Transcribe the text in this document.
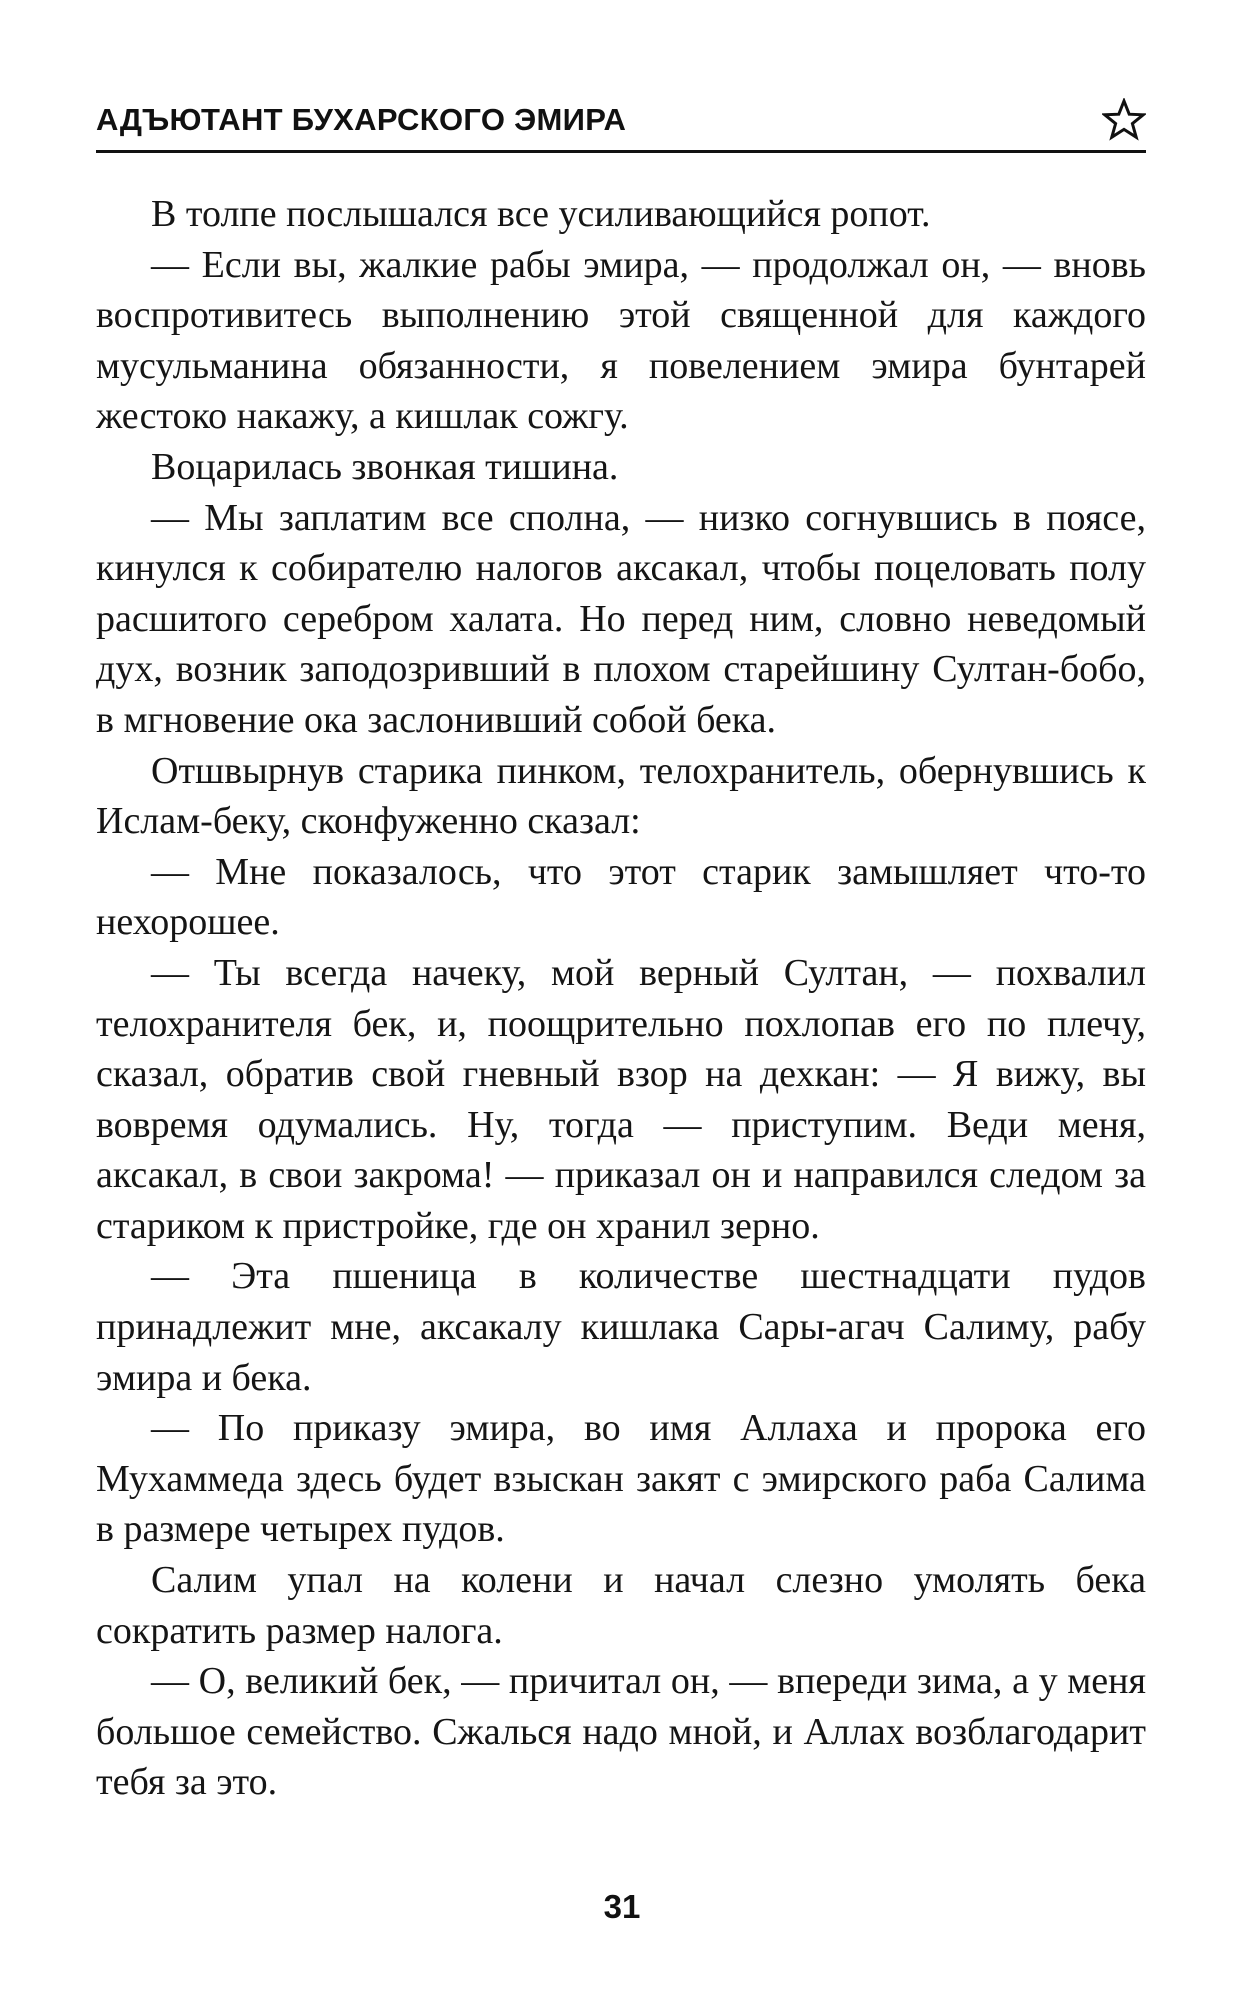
АДЪЮТАНТ БУХАРСКОГО ЭМИРА

В толпе послышался все усиливающийся ропот.

— Если вы, жалкие рабы эмира, — продолжал он, — вновь воспротивитесь выполнению этой священной для каждого мусульманина обязанности, я повелением эмира бунтарей жестоко накажу, а кишлак сожгу.

Воцарилась звонкая тишина.

— Мы заплатим все сполна, — низко согнувшись в поясе, кинулся к собирателю налогов аксакал, чтобы поцеловать полу расшитого серебром халата. Но перед ним, словно неведомый дух, возник заподозривший в плохом старейшину Султан-бобо, в мгновение ока заслонивший собой бека.

Отшвырнув старика пинком, телохранитель, обернувшись к Ислам-беку, сконфуженно сказал:

— Мне показалось, что этот старик замышляет что-то нехорошее.

— Ты всегда начеку, мой верный Султан, — похвалил телохранителя бек, и, поощрительно похлопав его по плечу, сказал, обратив свой гневный взор на дехкан: — Я вижу, вы вовремя одумались. Ну, тогда — приступим. Веди меня, аксакал, в свои закрома! — приказал он и направился следом за стариком к пристройке, где он хранил зерно.

— Эта пшеница в количестве шестнадцати пудов принадлежит мне, аксакалу кишлака Сары-агач Салиму, рабу эмира и бека.

— По приказу эмира, во имя Аллаха и пророка его Мухаммеда здесь будет взыскан закят с эмирского раба Салима в размере четырех пудов.

Салим упал на колени и начал слезно умолять бека сократить размер налога.

— О, великий бек, — причитал он, — впереди зима, а у меня большое семейство. Сжалься надо мной, и Аллах возблагодарит тебя за это.

31
